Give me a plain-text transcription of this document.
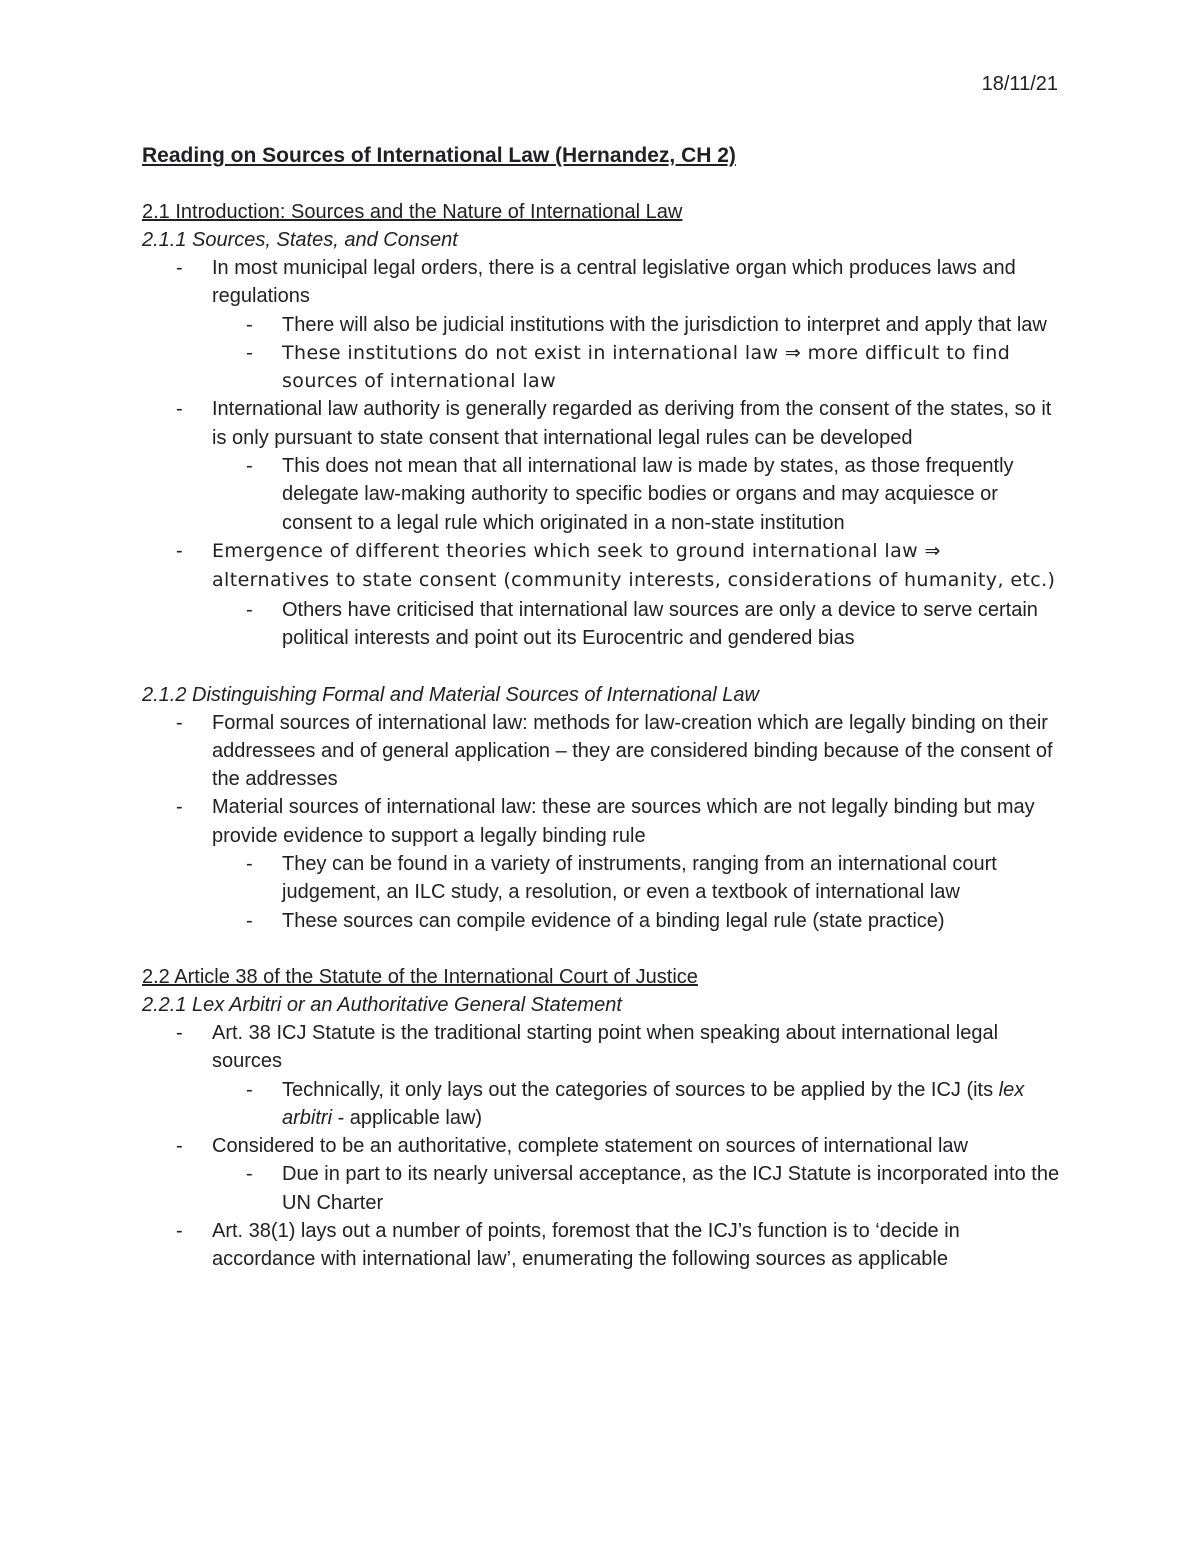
18/11/21
Reading on Sources of International Law (Hernandez, CH 2)
2.1 Introduction: Sources and the Nature of International Law
2.1.1 Sources, States, and Consent
- In most municipal legal orders, there is a central legislative organ which produces laws and regulations
- There will also be judicial institutions with the jurisdiction to interpret and apply that law
- These institutions do not exist in international law ⇒ more difficult to find sources of international law
- International law authority is generally regarded as deriving from the consent of the states, so it is only pursuant to state consent that international legal rules can be developed
- This does not mean that all international law is made by states, as those frequently delegate law-making authority to specific bodies or organs and may acquiesce or consent to a legal rule which originated in a non-state institution
- Emergence of different theories which seek to ground international law ⇒ alternatives to state consent (community interests, considerations of humanity, etc.)
- Others have criticised that international law sources are only a device to serve certain political interests and point out its Eurocentric and gendered bias
2.1.2 Distinguishing Formal and Material Sources of International Law
- Formal sources of international law: methods for law-creation which are legally binding on their addressees and of general application – they are considered binding because of the consent of the addresses
- Material sources of international law: these are sources which are not legally binding but may provide evidence to support a legally binding rule
- They can be found in a variety of instruments, ranging from an international court judgement, an ILC study, a resolution, or even a textbook of international law
- These sources can compile evidence of a binding legal rule (state practice)
2.2 Article 38 of the Statute of the International Court of Justice
2.2.1 Lex Arbitri or an Authoritative General Statement
- Art. 38 ICJ Statute is the traditional starting point when speaking about international legal sources
- Technically, it only lays out the categories of sources to be applied by the ICJ (its lex arbitri - applicable law)
- Considered to be an authoritative, complete statement on sources of international law
- Due in part to its nearly universal acceptance, as the ICJ Statute is incorporated into the UN Charter
- Art. 38(1) lays out a number of points, foremost that the ICJ’s function is to ‘decide in accordance with international law’, enumerating the following sources as applicable
